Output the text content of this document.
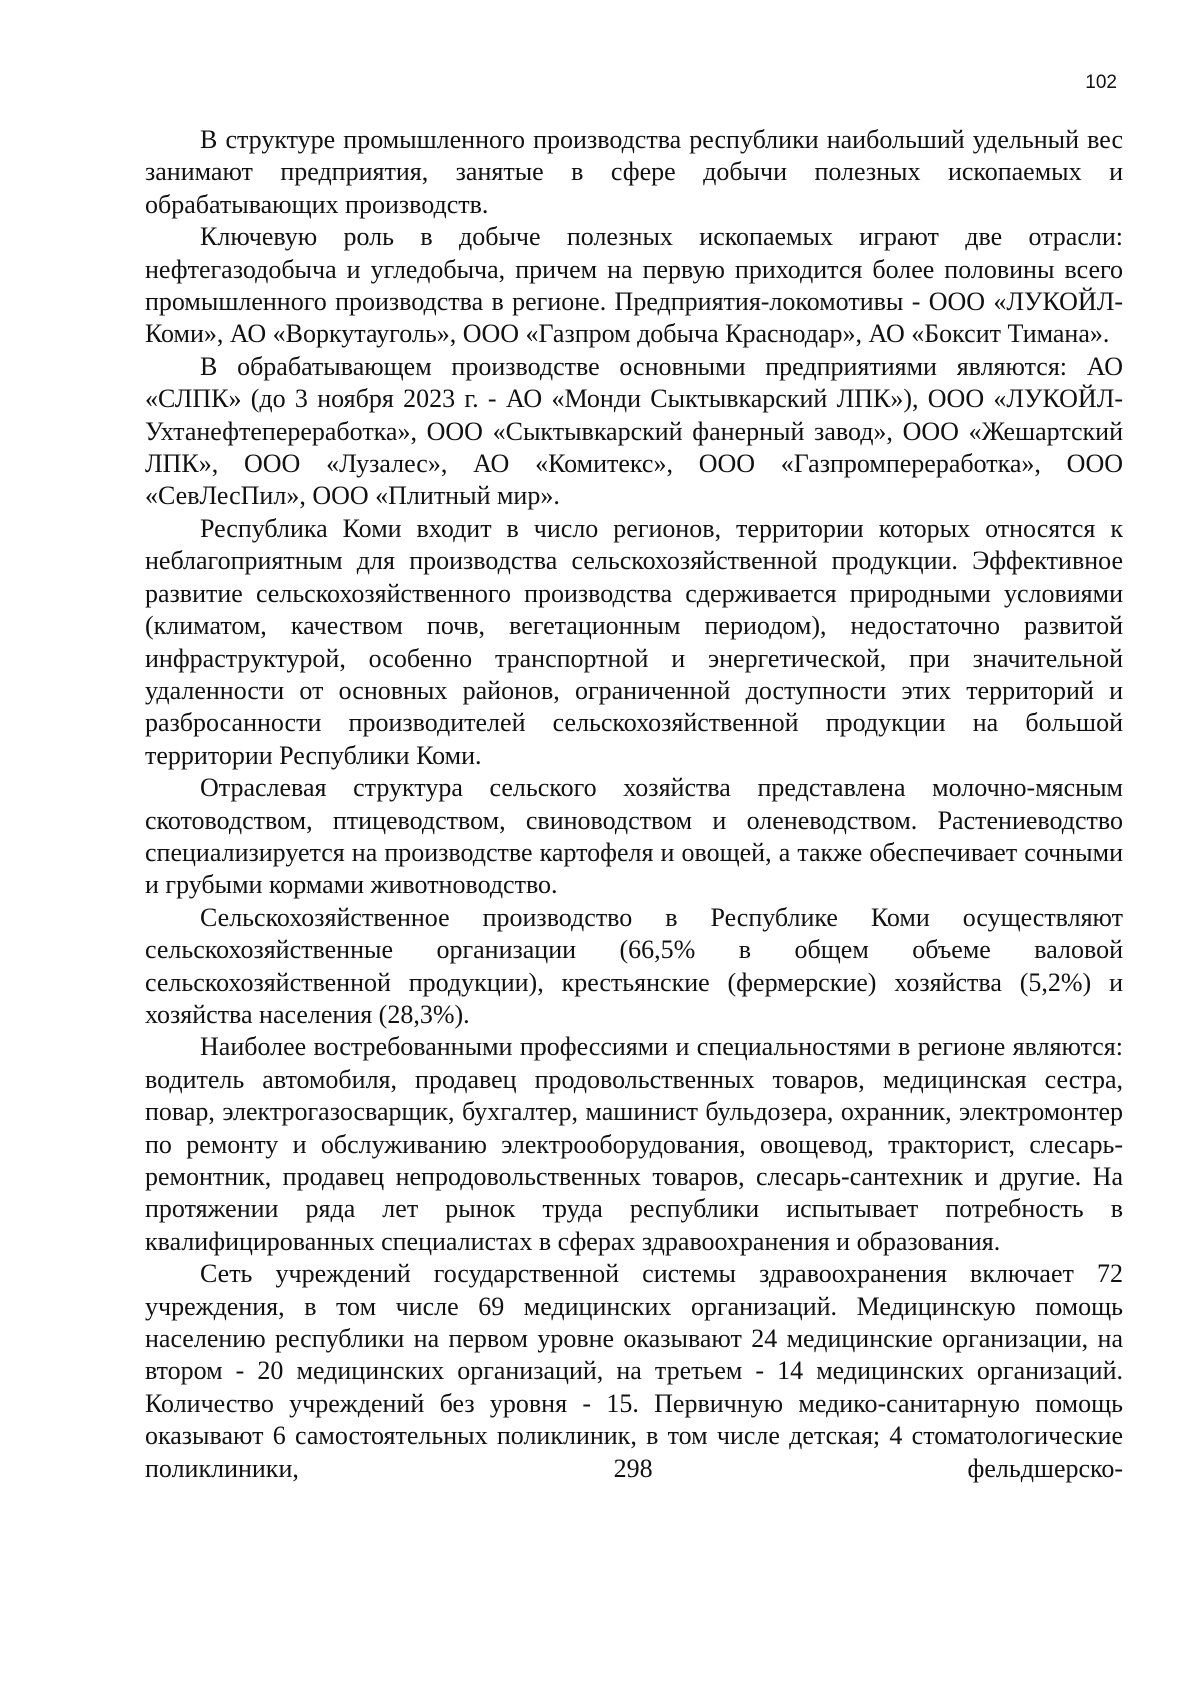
102

В структуре промышленного производства республики наибольший удельный вес занимают предприятия, занятые в сфере добычи полезных ископаемых и обрабатывающих производств.

Ключевую роль в добыче полезных ископаемых играют две отрасли: нефтегазодобыча и угледобыча, причем на первую приходится более половины всего промышленного производства в регионе. Предприятия-локомотивы - ООО «ЛУКОЙЛ-Коми», АО «Воркутауголь», ООО «Газпром добыча Краснодар», АО «Боксит Тимана».

В обрабатывающем производстве основными предприятиями являются: АО «СЛПК» (до 3 ноября 2023 г. - АО «Монди Сыктывкарский ЛПК»), ООО «ЛУКОЙЛ-Ухтанефтепереработка», ООО «Сыктывкарский фанерный завод», ООО «Жешартский ЛПК», ООО «Лузалес», АО «Комитекс», ООО «Газпромпереработка», ООО «СевЛесПил», ООО «Плитный мир».

Республика Коми входит в число регионов, территории которых относятся к неблагоприятным для производства сельскохозяйственной продукции. Эффективное развитие сельскохозяйственного производства сдерживается природными условиями (климатом, качеством почв, вегетационным периодом), недостаточно развитой инфраструктурой, особенно транспортной и энергетической, при значительной удаленности от основных районов, ограниченной доступности этих территорий и разбросанности производителей сельскохозяйственной продукции на большой территории Республики Коми.

Отраслевая структура сельского хозяйства представлена молочно-мясным скотоводством, птицеводством, свиноводством и оленеводством. Растениеводство специализируется на производстве картофеля и овощей, а также обеспечивает сочными и грубыми кормами животноводство.

Сельскохозяйственное производство в Республике Коми осуществляют сельскохозяйственные организации (66,5% в общем объеме валовой сельскохозяйственной продукции), крестьянские (фермерские) хозяйства (5,2%) и хозяйства населения (28,3%).

Наиболее востребованными профессиями и специальностями в регионе являются: водитель автомобиля, продавец продовольственных товаров, медицинская сестра, повар, электрогазосварщик, бухгалтер, машинист бульдозера, охранник, электромонтер по ремонту и обслуживанию электрооборудования, овощевод, тракторист, слесарь-ремонтник, продавец непродовольственных товаров, слесарь-сантехник и другие. На протяжении ряда лет рынок труда республики испытывает потребность в квалифицированных специалистах в сферах здравоохранения и образования.

Сеть учреждений государственной системы здравоохранения включает 72 учреждения, в том числе 69 медицинских организаций. Медицинскую помощь населению республики на первом уровне оказывают 24 медицинские организации, на втором - 20 медицинских организаций, на третьем - 14 медицинских организаций. Количество учреждений без уровня - 15. Первичную медико-санитарную помощь оказывают 6 самостоятельных поликлиник, в том числе детская; 4 стоматологические поликлиники, 298 фельдшерско-
